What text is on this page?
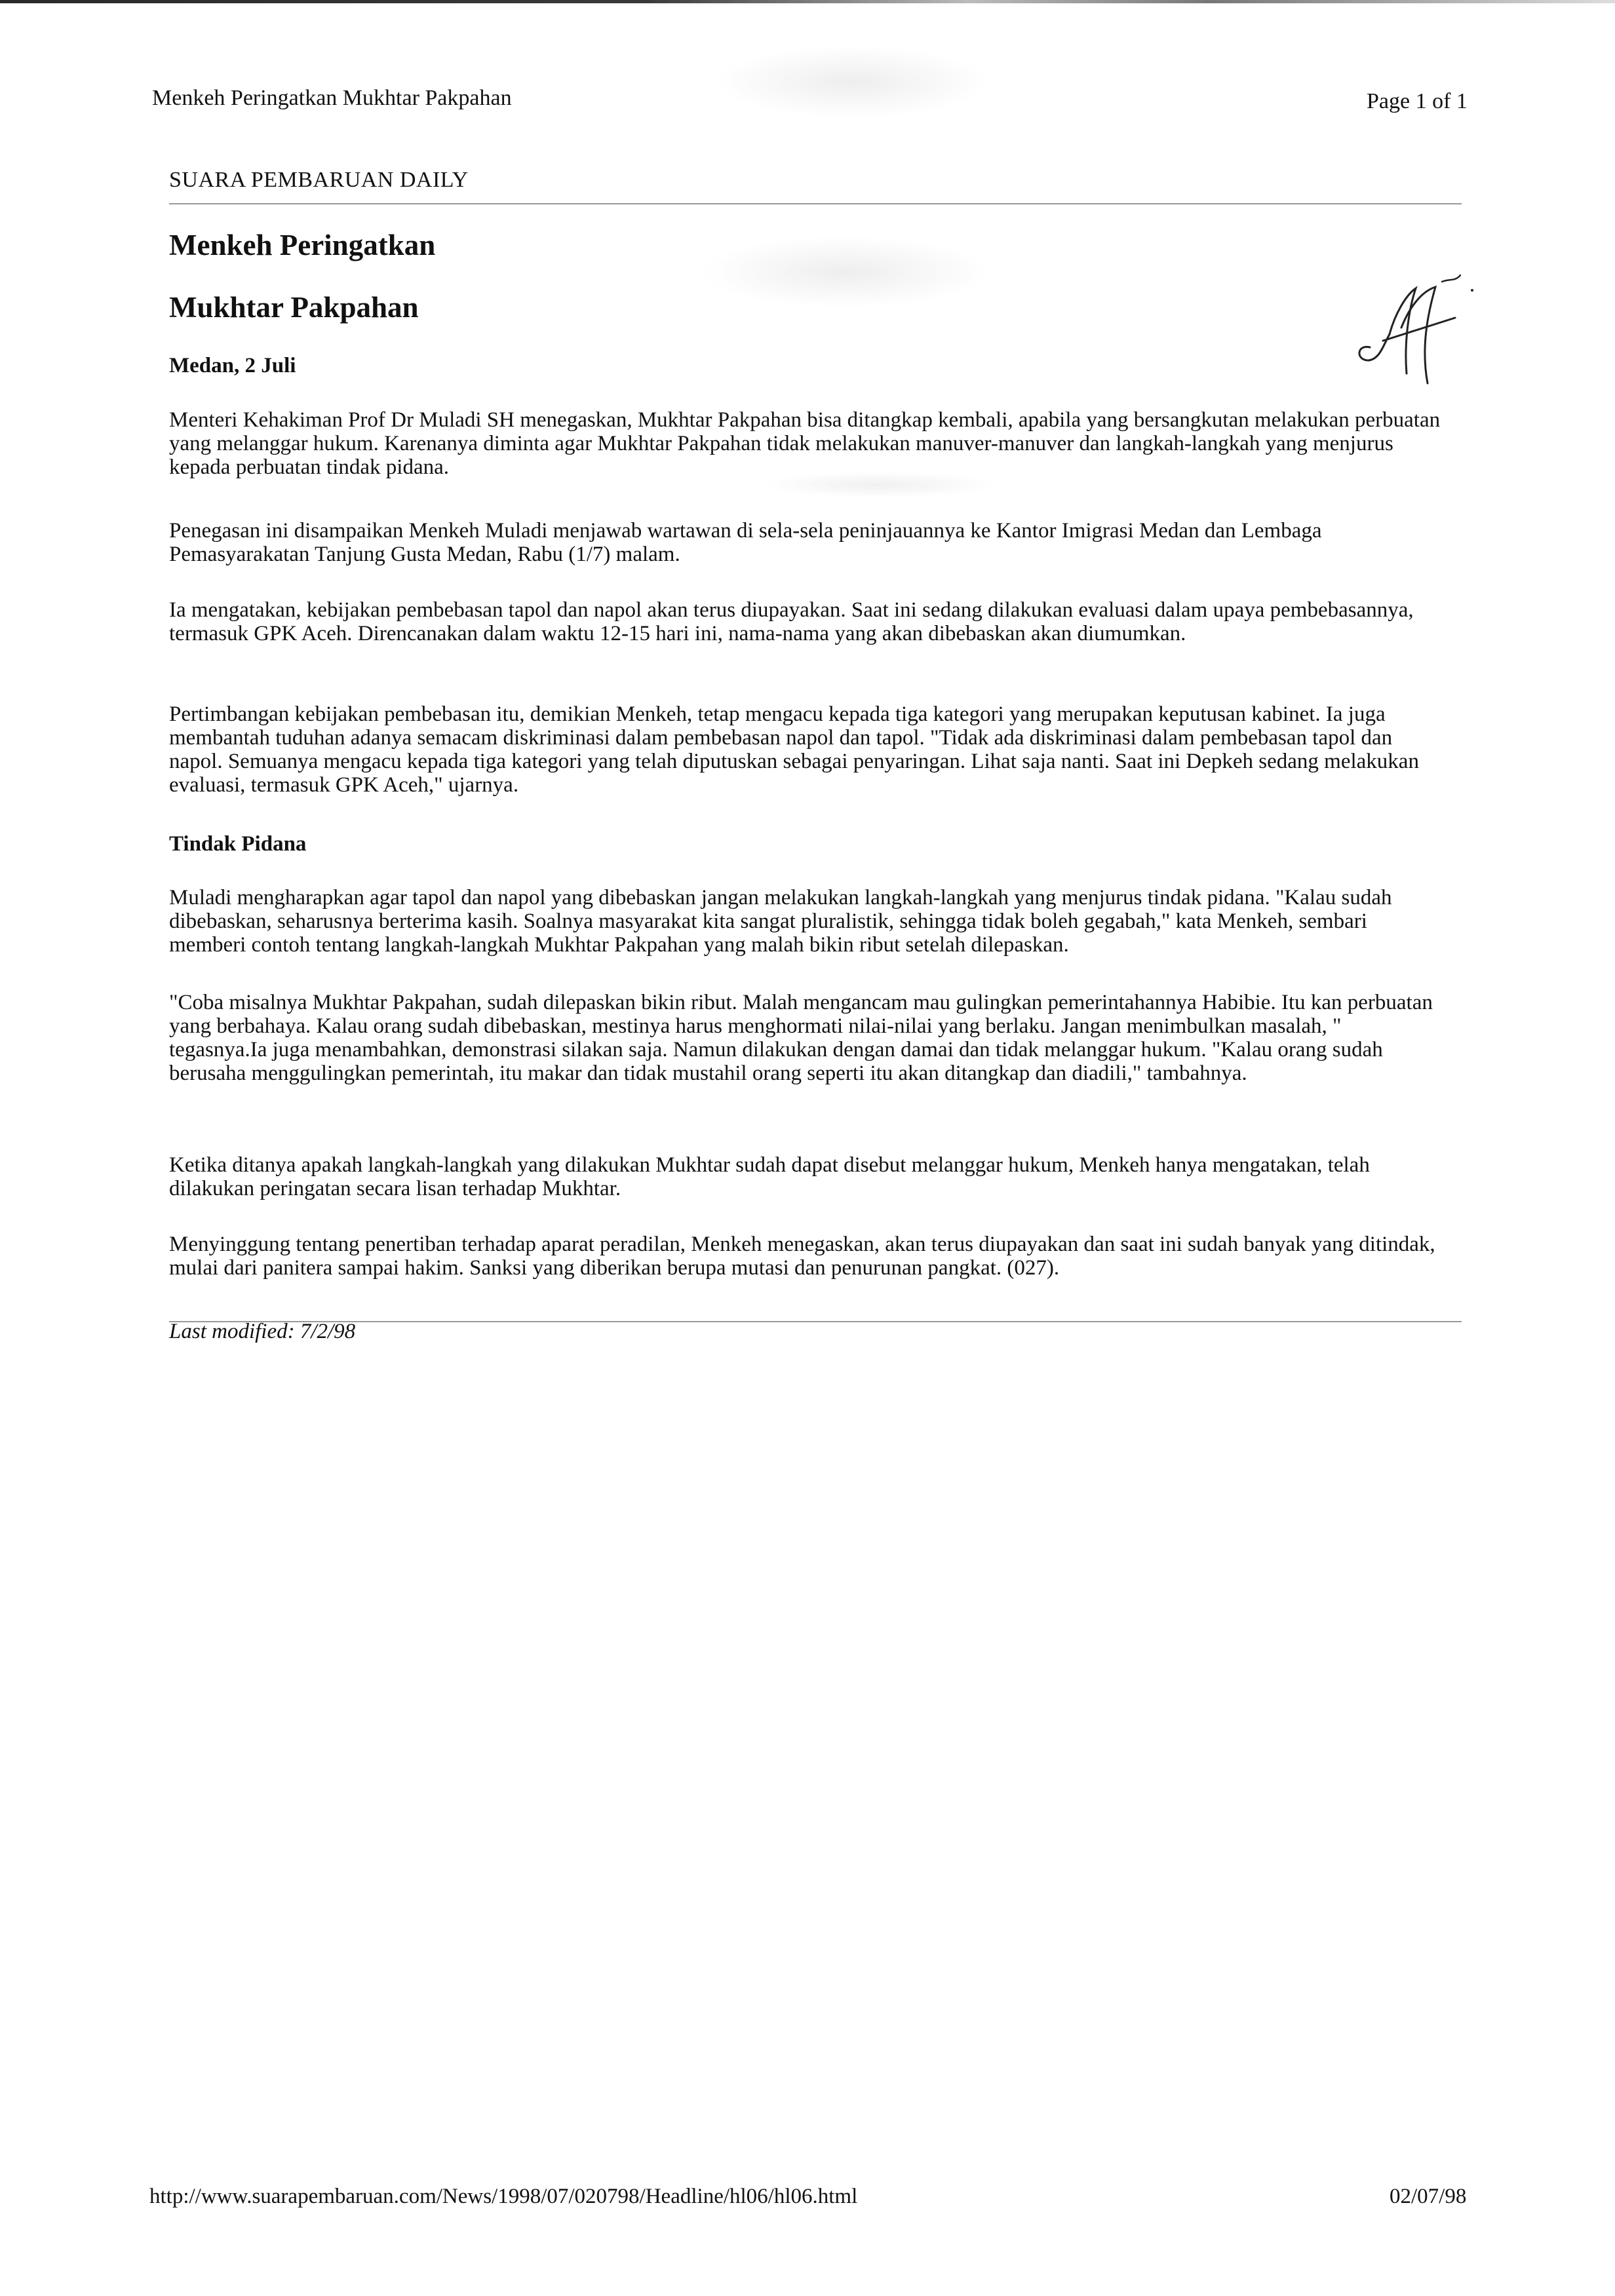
Menkeh Peringatkan Mukhtar Pakpahan	Page 1 of 1
SUARA PEMBARUAN DAILY
Menkeh Peringatkan
Mukhtar Pakpahan
Medan, 2 Juli

Menteri Kehakiman Prof Dr Muladi SH menegaskan, Mukhtar Pakpahan bisa ditangkap kembali, apabila yang bersangkutan melakukan perbuatan yang melanggar hukum. Karenanya diminta agar Mukhtar Pakpahan tidak melakukan manuver-manuver dan langkah-langkah yang menjurus kepada perbuatan tindak pidana.

Penegasan ini disampaikan Menkeh Muladi menjawab wartawan di sela-sela peninjauannya ke Kantor Imigrasi Medan dan Lembaga Pemasyarakatan Tanjung Gusta Medan, Rabu (1/7) malam.

Ia mengatakan, kebijakan pembebasan tapol dan napol akan terus diupayakan. Saat ini sedang dilakukan evaluasi dalam upaya pembebasannya, termasuk GPK Aceh. Direncanakan dalam waktu 12-15 hari ini, nama-nama yang akan dibebaskan akan diumumkan.

Pertimbangan kebijakan pembebasan itu, demikian Menkeh, tetap mengacu kepada tiga kategori yang merupakan keputusan kabinet. Ia juga membantah tuduhan adanya semacam diskriminasi dalam pembebasan napol dan tapol. "Tidak ada diskriminasi dalam pembebasan tapol dan napol. Semuanya mengacu kepada tiga kategori yang telah diputuskan sebagai penyaringan. Lihat saja nanti. Saat ini Depkeh sedang melakukan evaluasi, termasuk GPK Aceh," ujarnya.

Tindak Pidana

Muladi mengharapkan agar tapol dan napol yang dibebaskan jangan melakukan langkah-langkah yang menjurus tindak pidana. "Kalau sudah dibebaskan, seharusnya berterima kasih. Soalnya masyarakat kita sangat pluralistik, sehingga tidak boleh gegabah," kata Menkeh, sembari memberi contoh tentang langkah-langkah Mukhtar Pakpahan yang malah bikin ribut setelah dilepaskan.

"Coba misalnya Mukhtar Pakpahan, sudah dilepaskan bikin ribut. Malah mengancam mau gulingkan pemerintahannya Habibie. Itu kan perbuatan yang berbahaya. Kalau orang sudah dibebaskan, mestinya harus menghormati nilai-nilai yang berlaku. Jangan menimbulkan masalah, " tegasnya.Ia juga menambahkan, demonstrasi silakan saja. Namun dilakukan dengan damai dan tidak melanggar hukum. "Kalau orang sudah berusaha menggulingkan pemerintah, itu makar dan tidak mustahil orang seperti itu akan ditangkap dan diadili," tambahnya.

Ketika ditanya apakah langkah-langkah yang dilakukan Mukhtar sudah dapat disebut melanggar hukum, Menkeh hanya mengatakan, telah dilakukan peringatan secara lisan terhadap Mukhtar.

Menyinggung tentang penertiban terhadap aparat peradilan, Menkeh menegaskan, akan terus diupayakan dan saat ini sudah banyak yang ditindak, mulai dari panitera sampai hakim. Sanksi yang diberikan berupa mutasi dan penurunan pangkat. (027).

Last modified: 7/2/98
http://www.suarapembaruan.com/News/1998/07/020798/Headline/hl06/hl06.html	02/07/98
